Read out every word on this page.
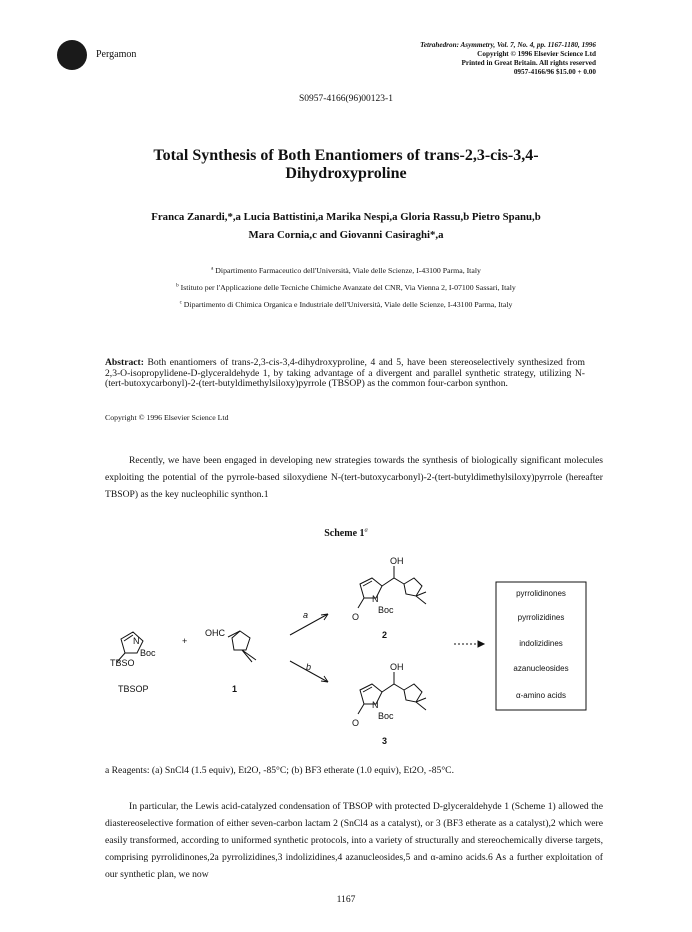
Pergamon
Tetrahedron: Asymmetry, Vol. 7, No. 4, pp. 1167-1180, 1996
Copyright © 1996 Elsevier Science Ltd
Printed in Great Britain. All rights reserved
0957-4166/96 $15.00 + 0.00
S0957-4166(96)00123-1
Total Synthesis of Both Enantiomers of trans-2,3-cis-3,4-
Dihydroxyproline
Franca Zanardi,*,a Lucia Battistini,a Marika Nespi,a Gloria Rassu,b Pietro Spanu,b
Mara Cornia,c and Giovanni Casiraghi*,a
$^a$ Dipartimento Farmaceutico dell'Università, Viale delle Scienze, I-43100 Parma, Italy
$^b$ Istituto per l'Applicazione delle Tecniche Chimiche Avanzate del CNR, Via Vienna 2, I-07100 Sassari, Italy
$^c$ Dipartimento di Chimica Organica e Industriale dell'Università, Viale delle Scienze, I-43100 Parma, Italy
Abstract: Both enantiomers of trans-2,3-cis-3,4-dihydroxyproline, 4 and 5, have been stereoselectively synthesized from 2,3-O-isopropylidene-D-glyceraldehyde 1, by taking advantage of a divergent and parallel synthetic strategy, utilizing N-(tert-butoxycarbonyl)-2-(tert-butyldimethylsiloxy)pyrrole (TBSOP) as the common four-carbon synthon.
Copyright © 1996 Elsevier Science Ltd
Recently, we have been engaged in developing new strategies towards the synthesis of biologically significant molecules exploiting the potential of the pyrrole-based siloxydiene N-(tert-butoxycarbonyl)-2-(tert-butyldimethylsiloxy)pyrrole (hereafter TBSOP) as the key nucleophilic synthon.1
Scheme 1$^a$
TBSO
N
Boc
TBSOP
+
OHC
1
a
b
OH
N
Boc
O
2
OH
N
Boc
O
3
pyrrolidinones
pyrrolizidines
indolizidines
azanucleosides
α-amino acids
a Reagents: (a) SnCl4 (1.5 equiv), Et2O, -85°C; (b) BF3 etherate (1.0 equiv), Et2O, -85°C.
In particular, the Lewis acid-catalyzed condensation of TBSOP with protected D-glyceraldehyde 1 (Scheme 1) allowed the diastereoselective formation of either seven-carbon lactam 2 (SnCl4 as a catalyst), or 3 (BF3 etherate as a catalyst),2 which were easily transformed, according to uniformed synthetic protocols, into a variety of structurally and stereochemically diverse targets, comprising pyrrolidinones,2a pyrrolizidines,3 indolizidines,4 azanucleosides,5 and α-amino acids.6 As a further exploitation of our synthetic plan, we now
1167
